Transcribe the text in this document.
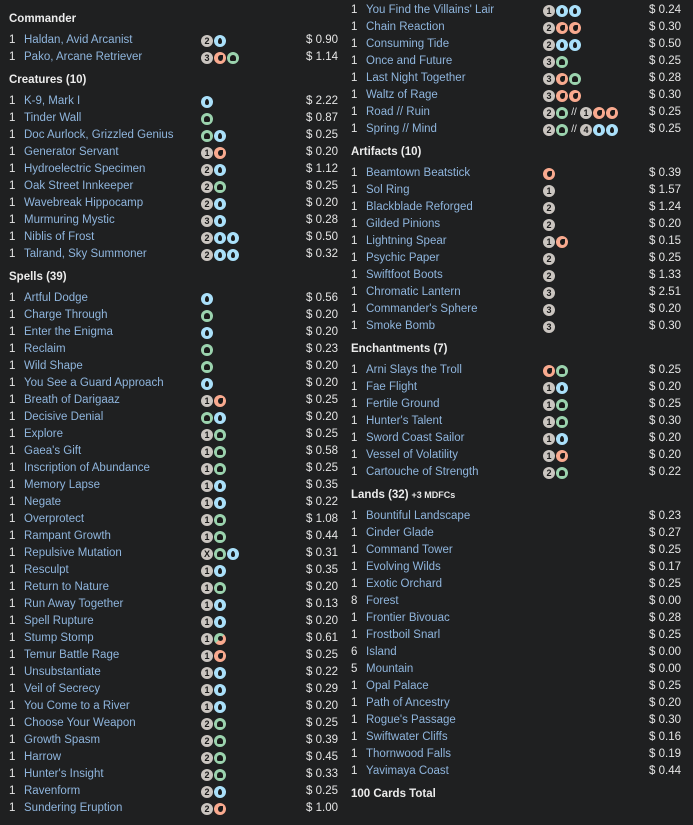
Commander
1 Haldan, Avid Arcanist	2	$ 0.90
1 Pako, Arcane Retriever	3	$ 1.14
Creatures (10)
1 K-9, Mark I	$ 2.22
1 Tinder Wall	$ 0.87
1 Doc Aurlock, Grizzled Genius	$ 0.25
1 Generator Servant	1	$ 0.20
1 Hydroelectric Specimen	2	$ 1.12
1 Oak Street Innkeeper	2	$ 0.25
1 Wavebreak Hippocamp	2	$ 0.20
1 Murmuring Mystic	3	$ 0.28
1 Niblis of Frost	2	$ 0.50
1 Talrand, Sky Summoner	2	$ 0.32
Spells (39)
1 Artful Dodge	$ 0.56
1 Charge Through	$ 0.20
1 Enter the Enigma	$ 0.20
1 Reclaim	$ 0.23
1 Wild Shape	$ 0.20
1 You See a Guard Approach	$ 0.20
1 Breath of Darigaaz	1	$ 0.25
1 Decisive Denial	$ 0.20
1 Explore	1	$ 0.25
1 Gaea's Gift	1	$ 0.58
1 Inscription of Abundance	1	$ 0.25
1 Memory Lapse	1	$ 0.35
1 Negate	1	$ 0.22
1 Overprotect	1	$ 1.08
1 Rampant Growth	1	$ 0.44
1 Repulsive Mutation	X	$ 0.31
1 Resculpt	1	$ 0.35
1 Return to Nature	1	$ 0.20
1 Run Away Together	1	$ 0.13
1 Spell Rupture	1	$ 0.20
1 Stump Stomp	1	$ 0.61
1 Temur Battle Rage	1	$ 0.25
1 Unsubstantiate	1	$ 0.22
1 Veil of Secrecy	1	$ 0.29
1 You Come to a River	1	$ 0.20
1 Choose Your Weapon	2	$ 0.25
1 Growth Spasm	2	$ 0.39
1 Harrow	2	$ 0.45
1 Hunter's Insight	2	$ 0.33
1 Ravenform	2	$ 0.25
1 Sundering Eruption	2	$ 1.00
1 You Find the Villains' Lair	1	$ 0.24
1 Chain Reaction	2	$ 0.30
1 Consuming Tide	2	$ 0.50
1 Once and Future	3	$ 0.25
1 Last Night Together	3	$ 0.28
1 Waltz of Rage	3	$ 0.30
1 Road // Ruin	2	// 1	$ 0.25
1 Spring // Mind	2	// 4	$ 0.25
Artifacts (10)
1 Beamtown Beatstick	$ 0.39
1 Sol Ring	1	$ 1.57
1 Blackblade Reforged	2	$ 1.24
1 Gilded Pinions	2	$ 0.20
1 Lightning Spear	1	$ 0.15
1 Psychic Paper	2	$ 0.25
1 Swiftfoot Boots	2	$ 1.33
1 Chromatic Lantern	3	$ 2.51
1 Commander's Sphere	3	$ 0.20
1 Smoke Bomb	3	$ 0.30
Enchantments (7)
1 Arni Slays the Troll	$ 0.25
1 Fae Flight	1	$ 0.20
1 Fertile Ground	1	$ 0.25
1 Hunter's Talent	1	$ 0.30
1 Sword Coast Sailor	1	$ 0.20
1 Vessel of Volatility	1	$ 0.20
1 Cartouche of Strength	2	$ 0.22
Lands (32) +3 MDFCs
1 Bountiful Landscape	$ 0.23
1 Cinder Glade	$ 0.27
1 Command Tower	$ 0.25
1 Evolving Wilds	$ 0.17
1 Exotic Orchard	$ 0.25
8 Forest	$ 0.00
1 Frontier Bivouac	$ 0.28
1 Frostboil Snarl	$ 0.25
6 Island	$ 0.00
5 Mountain	$ 0.00
1 Opal Palace	$ 0.25
1 Path of Ancestry	$ 0.20
1 Rogue's Passage	$ 0.30
1 Swiftwater Cliffs	$ 0.16
1 Thornwood Falls	$ 0.19
1 Yavimaya Coast	$ 0.44
100 Cards Total
